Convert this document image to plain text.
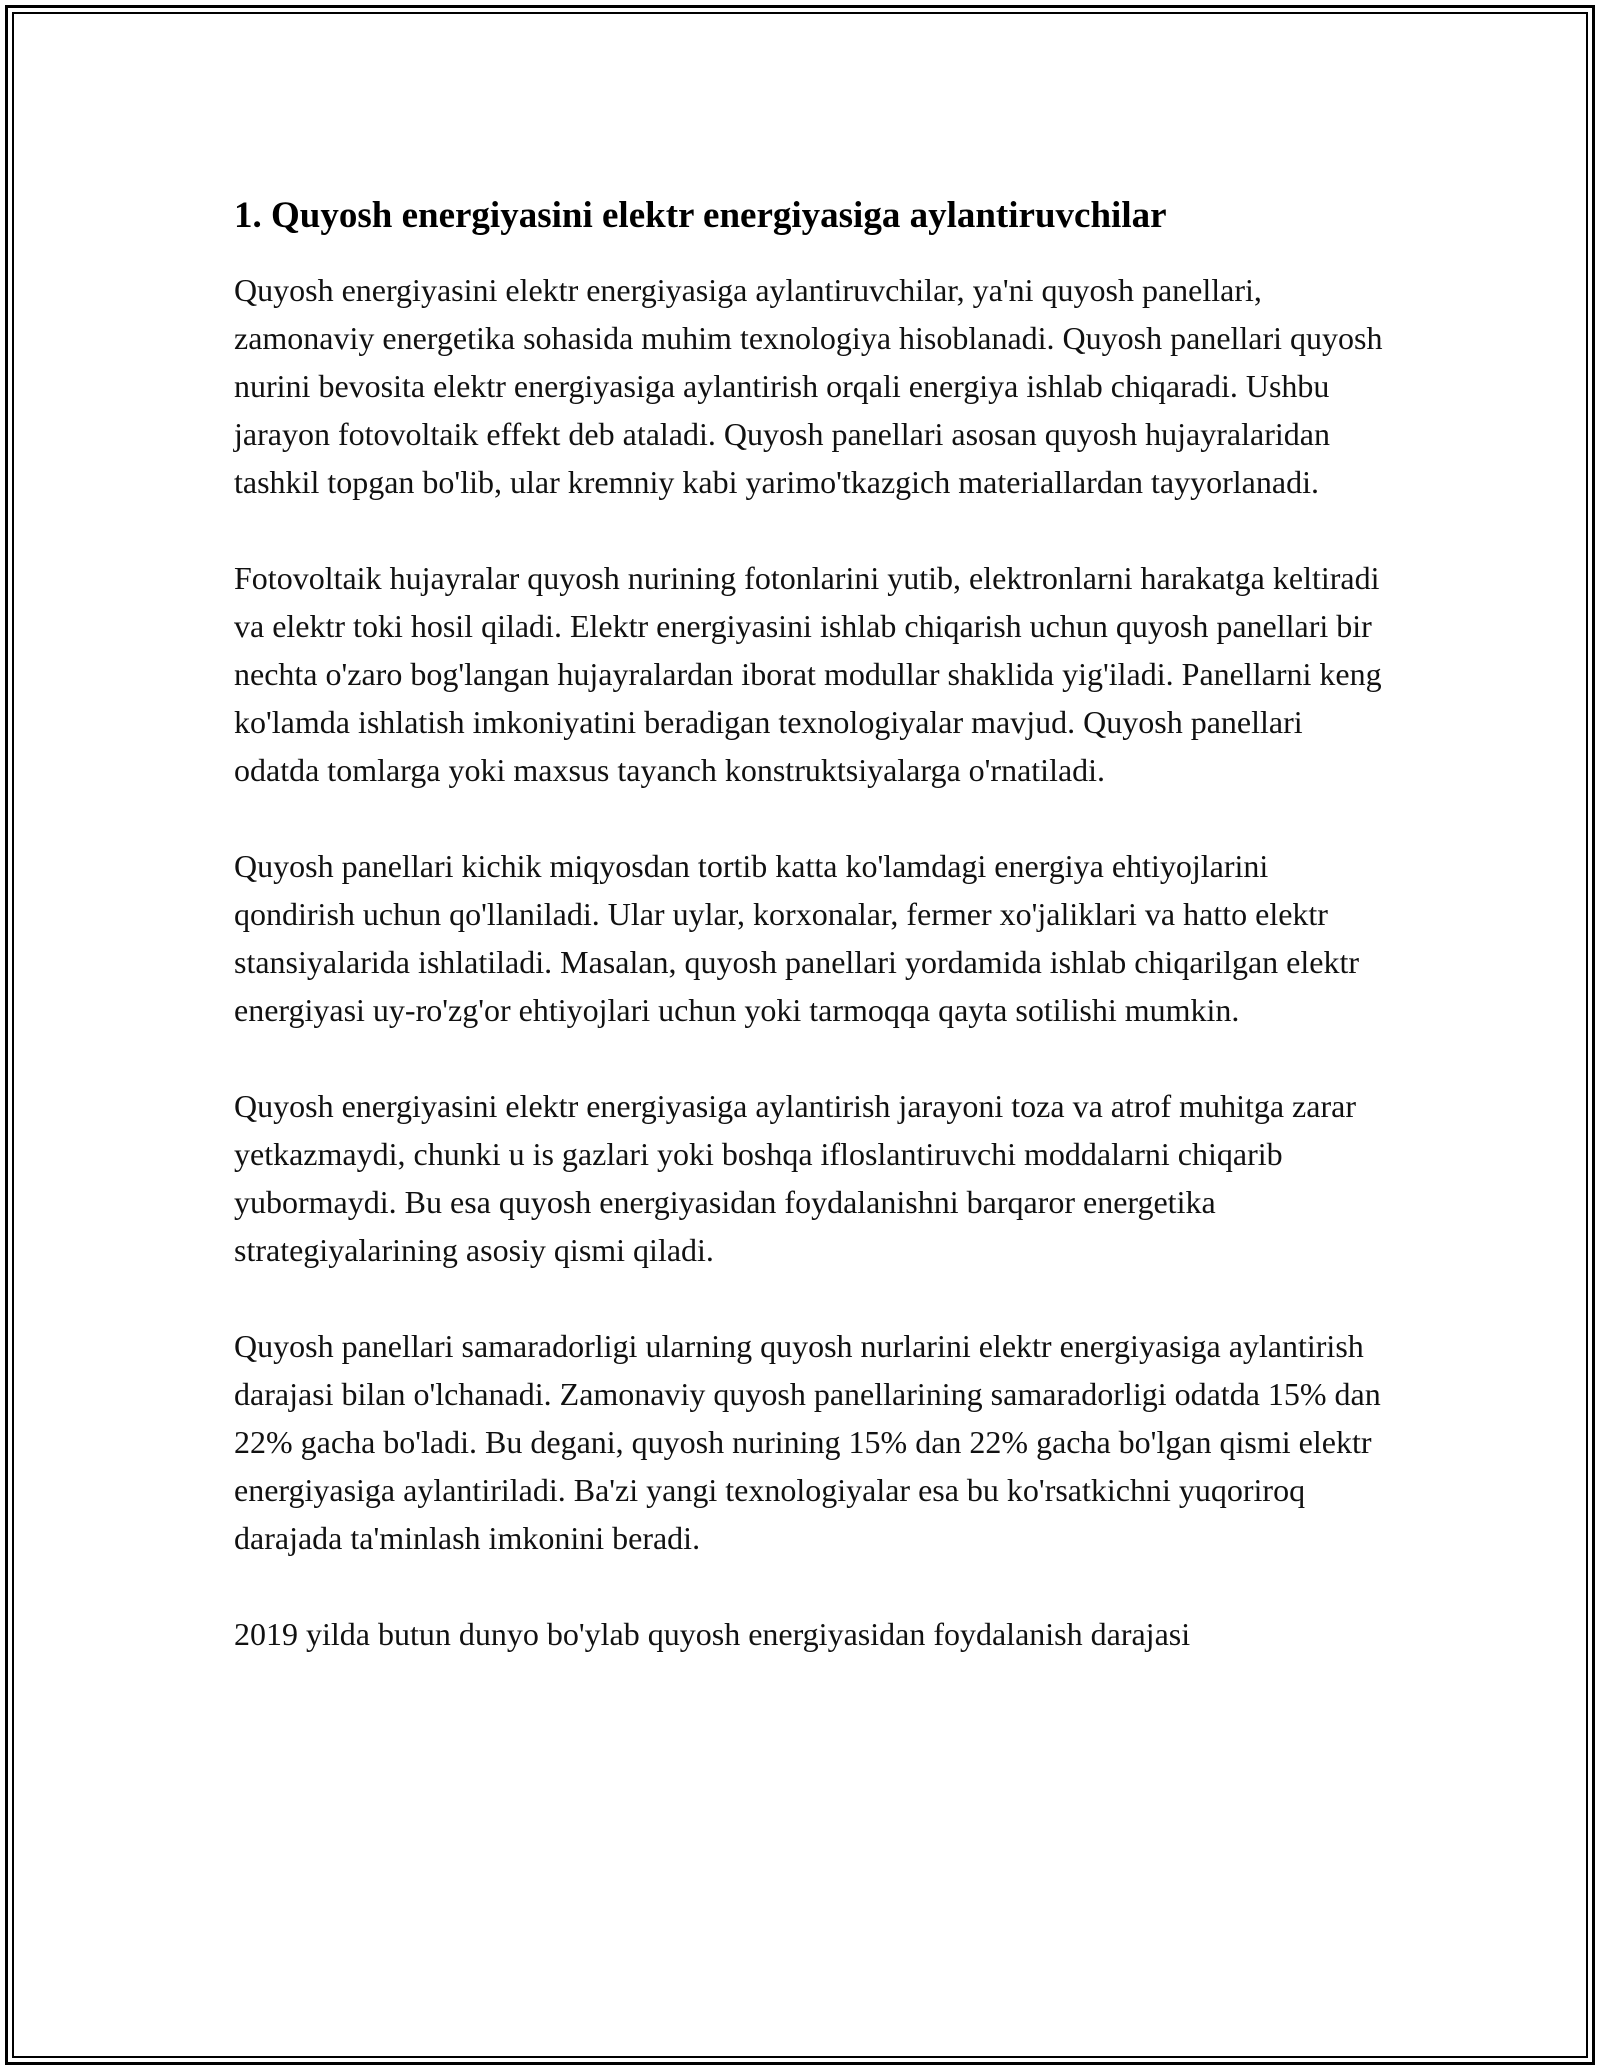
1. Quyosh energiyasini elektr energiyasiga aylantiruvchilar

Quyosh energiyasini elektr energiyasiga aylantiruvchilar, ya'ni quyosh panellari, zamonaviy energetika sohasida muhim texnologiya hisoblanadi. Quyosh panellari quyosh nurini bevosita elektr energiyasiga aylantirish orqali energiya ishlab chiqaradi. Ushbu jarayon fotovoltaik effekt deb ataladi. Quyosh panellari asosan quyosh hujayralaridan tashkil topgan bo'lib, ular kremniy kabi yarimo'tkazgich materiallardan tayyorlanadi.

Fotovoltaik hujayralar quyosh nurining fotonlarini yutib, elektronlarni harakatga keltiradi va elektr toki hosil qiladi. Elektr energiyasini ishlab chiqarish uchun quyosh panellari bir nechta o'zaro bog'langan hujayralardan iborat modullar shaklida yig'iladi. Panellarni keng ko'lamda ishlatish imkoniyatini beradigan texnologiyalar mavjud. Quyosh panellari odatda tomlarga yoki maxsus tayanch konstruktsiyalarga o'rnatiladi.

Quyosh panellari kichik miqyosdan tortib katta ko'lamdagi energiya ehtiyojlarini qondirish uchun qo'llaniladi. Ular uylar, korxonalar, fermer xo'jaliklari va hatto elektr stansiyalarida ishlatiladi. Masalan, quyosh panellari yordamida ishlab chiqarilgan elektr energiyasi uy-ro'zg'or ehtiyojlari uchun yoki tarmoqqa qayta sotilishi mumkin.

Quyosh energiyasini elektr energiyasiga aylantirish jarayoni toza va atrof muhitga zarar yetkazmaydi, chunki u is gazlari yoki boshqa ifloslantiruvchi moddalarni chiqarib yubormaydi. Bu esa quyosh energiyasidan foydalanishni barqaror energetika strategiyalarining asosiy qismi qiladi.

Quyosh panellari samaradorligi ularning quyosh nurlarini elektr energiyasiga aylantirish darajasi bilan o'lchanadi. Zamonaviy quyosh panellarining samaradorligi odatda 15% dan 22% gacha bo'ladi. Bu degani, quyosh nurining 15% dan 22% gacha bo'lgan qismi elektr energiyasiga aylantiriladi. Ba'zi yangi texnologiyalar esa bu ko'rsatkichni yuqoriroq darajada ta'minlash imkonini beradi.

2019 yilda butun dunyo bo'ylab quyosh energiyasidan foydalanish darajasi
